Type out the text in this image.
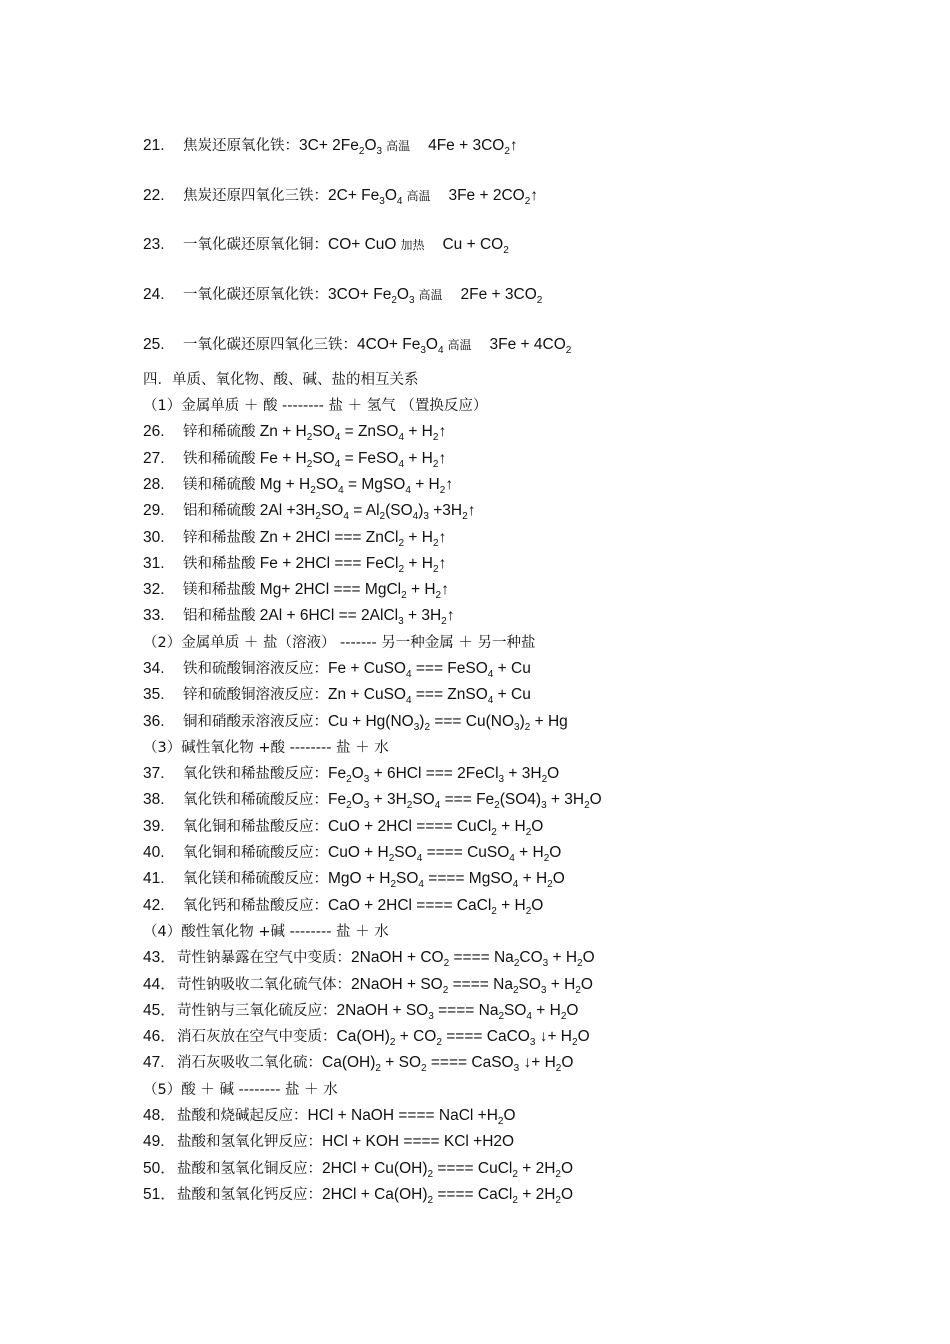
21. 焦炭还原氧化铁：$3C+ 2Fe_2O_3$ 高温 $4Fe + 3CO_2↑$
22. 焦炭还原四氧化三铁：$2C+ Fe_3O_4$ 高温 $3Fe + 2CO_2↑$
23. 一氧化碳还原氧化铜：CO+ CuO 加热 $Cu + CO_2$
24. 一氧化碳还原氧化铁：$3CO+ Fe_2O_3$ 高温 $2Fe + 3CO_2$
25. 一氧化碳还原四氧化三铁：$4CO+ Fe_3O_4$ 高温 $3Fe + 4CO_2$
四．单质、氧化物、酸、碱、盐的相互关系
（1）金属单质 ＋ 酸 -------- 盐 ＋ 氢气 （置换反应）
26. 锌和稀硫酸 $Zn + H_2SO_4$ = ZnSO$_4$ + $H_2↑$
27. 铁和稀硫酸 $Fe + H_2SO_4$ = FeSO$_4$ + $H_2↑$
28. 镁和稀硫酸 $Mg + H_2SO_4$ = MgSO$_4$ + $H_2↑$
29. 铝和稀硫酸 $2Al +3H_2SO_4 = Al_2(SO_4)_3$ $+3H_2↑$
30. 锌和稀盐酸 Zn + 2HCl === ZnCl$_2$ + $H_2↑$
31. 铁和稀盐酸 Fe + 2HCl === FeCl$_2$ + $H_2↑$
32. 镁和稀盐酸 Mg+ 2HCl === MgCl$_2$ + $H_2↑$
33. 铝和稀盐酸 2Al + 6HCl == 2AlCl$_3$ + $3H_2↑$
（2）金属单质 ＋ 盐（溶液） ------- 另一种金属 ＋ 另一种盐
34. 铁和硫酸铜溶液反应：Fe + CuSO$_4$ === FeSO$_4$ + Cu
35. 锌和硫酸铜溶液反应：Zn + CuSO$_4$ === ZnSO$_4$ + Cu
36. 铜和硝酸汞溶液反应：$Cu + Hg(NO_3)_2$ === $Cu(NO_3)_2 + Hg$
（3）碱性氧化物 +酸 -------- 盐 ＋ 水
37. 氧化铁和稀盐酸反应：$Fe_2O_3 + 6HCl$ === 2FeCl$_3$ + $3H_2O$
38. 氧化铁和稀硫酸反应：$Fe_2O_3 + 3H_2SO_4$ === $Fe_2(SO4)_3 + 3H_2O$
39. 氧化铜和稀盐酸反应：CuO + 2HCl ==== CuCl$_2$ + $H_2O$
40. 氧化铜和稀硫酸反应：CuO + $H_2SO_4$ ==== CuSO$_4$ + $H_2O$
41. 氧化镁和稀硫酸反应：MgO + $H_2SO_4$ ==== MgSO$_4$ + $H_2O$
42. 氧化钙和稀盐酸反应：CaO + 2HCl ==== CaCl$_2$ + $H_2O$
（4）酸性氧化物 +碱 -------- 盐 ＋ 水
43．苛性钠暴露在空气中变质：2NaOH + $CO_2$ ==== $Na_2CO_3 + H_2O$
44．苛性钠吸收二氧化硫气体：2NaOH + $SO_2$ ==== $Na_2SO_3 + H_2O$
45．苛性钠与三氧化硫反应：2NaOH + $SO_3$ ==== $Na_2SO_4 + H_2O$
46．消石灰放在空气中变质：$Ca(OH)_2 + CO_2$ ==== CaCO$_3$ ↓+ $H_2O$
47. 消石灰吸收二氧化硫：$Ca(OH)_2 + SO_2$ ==== CaSO$_3$ ↓+ $H_2O$
（5）酸 ＋ 碱 -------- 盐 ＋ 水
48．盐酸和烧碱起反应：HCl + NaOH ==== NaCl $+H_2O$
49. 盐酸和氢氧化钾反应：HCl + KOH ==== KCl +H2O
50．盐酸和氢氧化铜反应：$2HCl + Cu(OH)_2$ ==== CuCl$_2$ + $2H_2O$
51．盐酸和氢氧化钙反应：$2HCl + Ca(OH)_2$ ==== CaCl$_2$ + $2H_2O$
